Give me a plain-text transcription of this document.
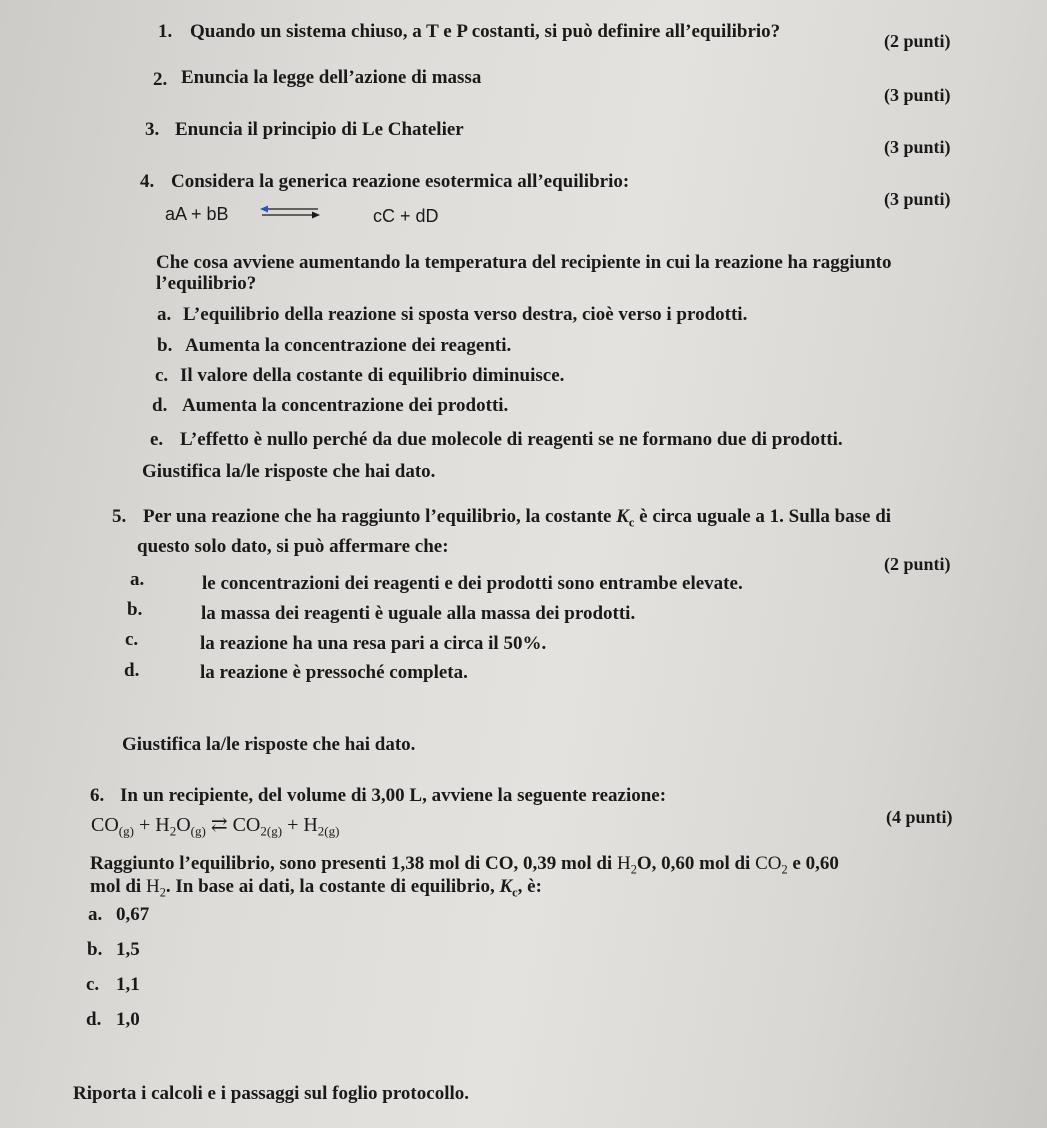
1. Quando un sistema chiuso, a T e P costanti, si può definire all’equilibrio?	(2 punti)
2. Enuncia la legge dell’azione di massa
(3 punti)
3. Enuncia il principio di Le Chatelier
(3 punti)
4. Considera la generica reazione esotermica all’equilibrio:
(3 punti)
aA + bB	cC + dD
Che cosa avviene aumentando la temperatura del recipiente in cui la reazione ha raggiunto
l’equilibrio?
a. L’equilibrio della reazione si sposta verso destra, cioè verso i prodotti.
b. Aumenta la concentrazione dei reagenti.
c. Il valore della costante di equilibrio diminuisce.
d. Aumenta la concentrazione dei prodotti.
e. L’effetto è nullo perché da due molecole di reagenti se ne formano due di prodotti.
Giustifica la/le risposte che hai dato.
5. Per una reazione che ha raggiunto l’equilibrio, la costante $K_c$ è circa uguale a 1. Sulla base di
questo solo dato, si può affermare che:
(2 punti)
a.	le concentrazioni dei reagenti e dei prodotti sono entrambe elevate.
b.	la massa dei reagenti è uguale alla massa dei prodotti.
c.	la reazione ha una resa pari a circa il 50%.
d.	la reazione è pressoché completa.
Giustifica la/le risposte che hai dato.
6. In un recipiente, del volume di 3,00 L, avviene la seguente reazione:
(4 punti)
$CO_{(g)} + H_2O_{(g)}$ ⇄ $CO_{2(g)} + H_{2(g)}$
Raggiunto l’equilibrio, sono presenti 1,38 mol di CO, 0,39 mol di $H_2O$, 0,60 mol di $CO_2$ e 0,60
mol di $H_2$. In base ai dati, la costante di equilibrio, $K_c$, è:
a. 0,67
b. 1,5
c. 1,1
d. 1,0
Riporta i calcoli e i passaggi sul foglio protocollo.
